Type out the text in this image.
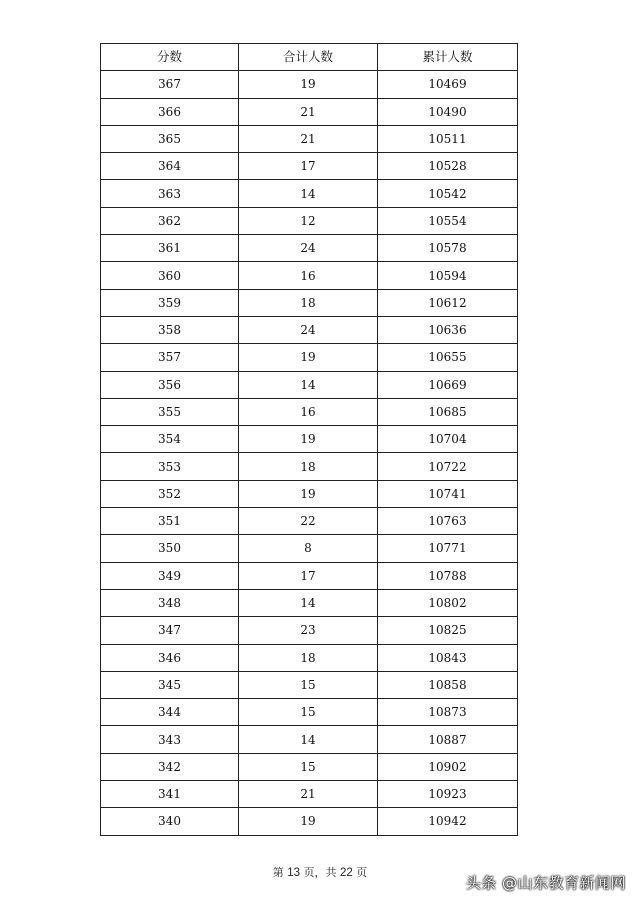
分数	合计人数	累计人数
367	19	10469
366	21	10490
365	21	10511
364	17	10528
363	14	10542
362	12	10554
361	24	10578
360	16	10594
359	18	10612
358	24	10636
357	19	10655
356	14	10669
355	16	10685
354	19	10704
353	18	10722
352	19	10741
351	22	10763
350	8	10771
349	17	10788
348	14	10802
347	23	10825
346	18	10843
345	15	10858
344	15	10873
343	14	10887
342	15	10902
341	21	10923
340	19	10942
第 13 页，共 22 页
头条 @山东教育新闻网
